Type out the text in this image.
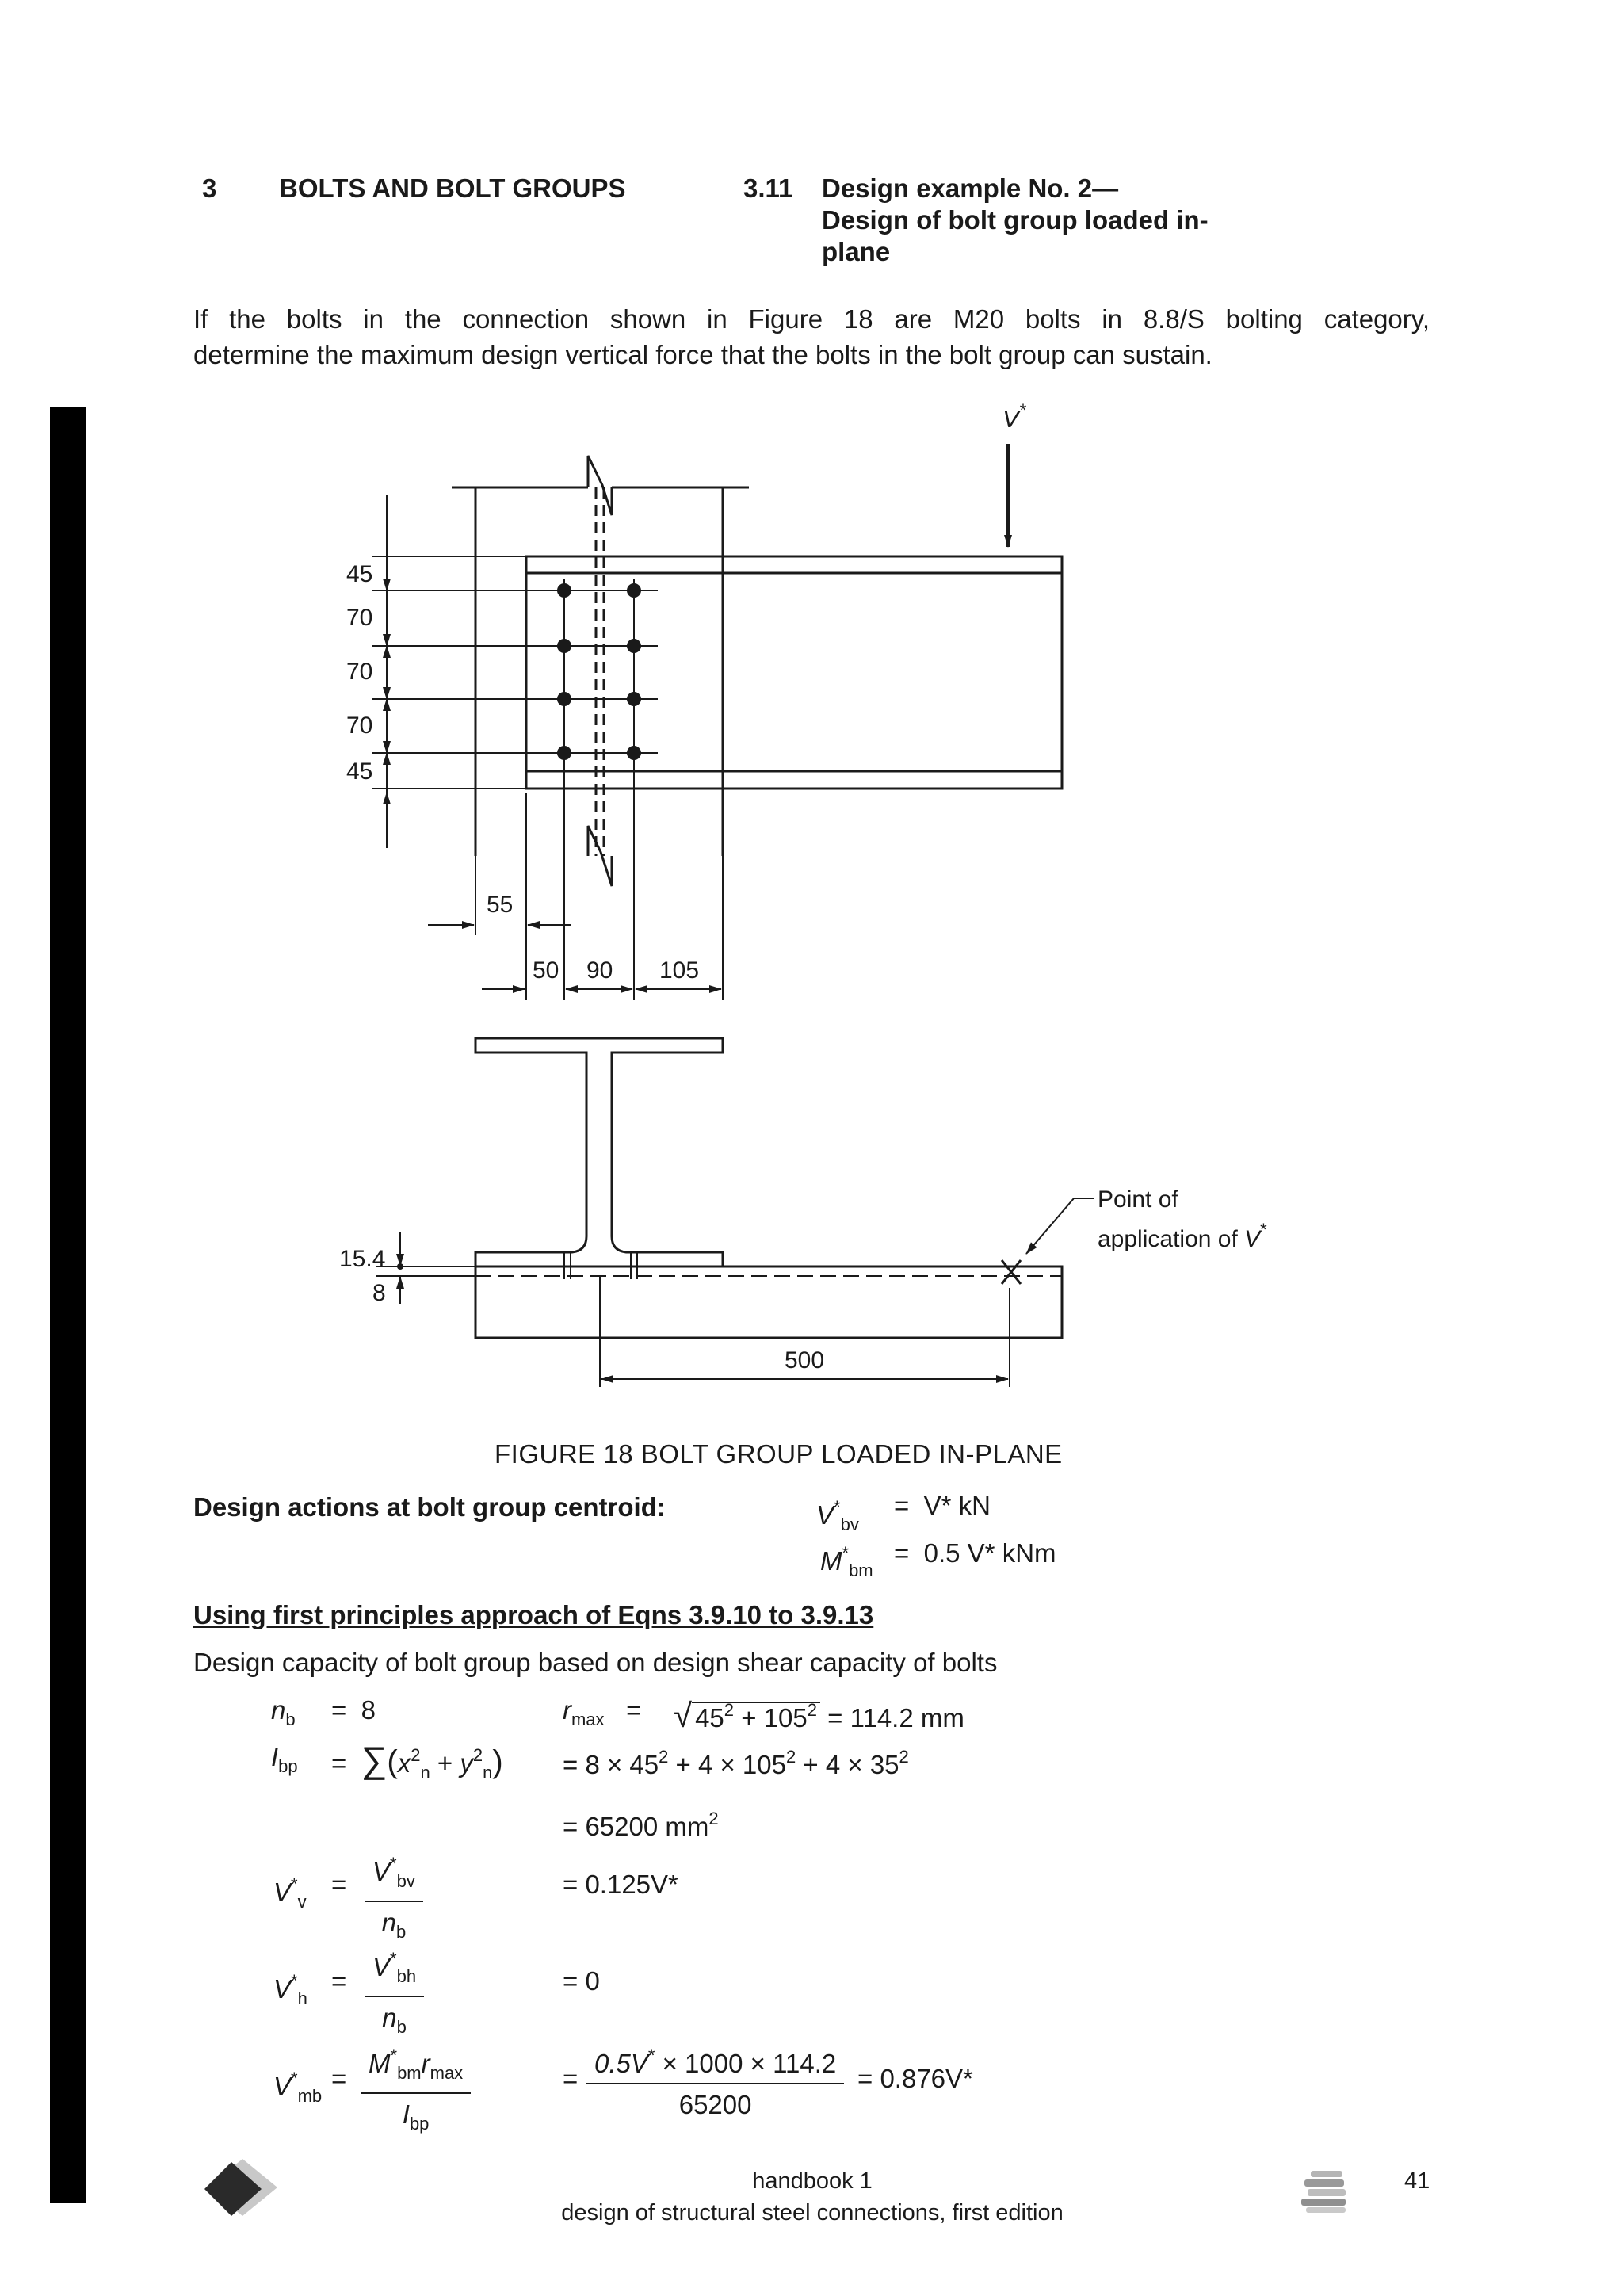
3 BOLTS AND BOLT GROUPS	3.11 Design example No. 2—
Design of bolt group loaded in-
plane
If the bolts in the connection shown in Figure 18 are M20 bolts in 8.8/S bolting category,
determine the maximum design vertical force that the bolts in the bolt group can sustain.
V*
45
70
70
70
45
55
50 90 105
15.4
8
500
Point of
application of V*
FIGURE 18 BOLT GROUP LOADED IN-PLANE
Design actions at bolt group centroid:	$V^*_{bv}$
= V* kN
$M^*_{bm}$
= 0.5 V* kNm
Using first principles approach of Eqns 3.9.10 to 3.9.13
Design capacity of bolt group based on design shear capacity of bolts
$n_b = 8$	$r_{max}$ = √ $45^2 + 105^2 = 114.2$ mm
$I_{bp} = \sum(x^2_n + y^2_n) = 8 \times 45^2 + 4 \times 105^2 + 4 \times 35^2$
= 65200 $mm^2$
$V^*_v$
= $\frac{V^*_{bv}}{n_b}$	= 0.125V*
$V^*_h$
= $\frac{V^*_{bh}}{n_b}$	= 0
$V^*_{mb}$
= $\frac{M^*_{bm}r_{max}}{I_{bp}}$	= $\frac{0.5V^* \times 1000 \times 114.2}{65200} = 0.876V*$
handbook 1
design of structural steel connections, first edition
41
